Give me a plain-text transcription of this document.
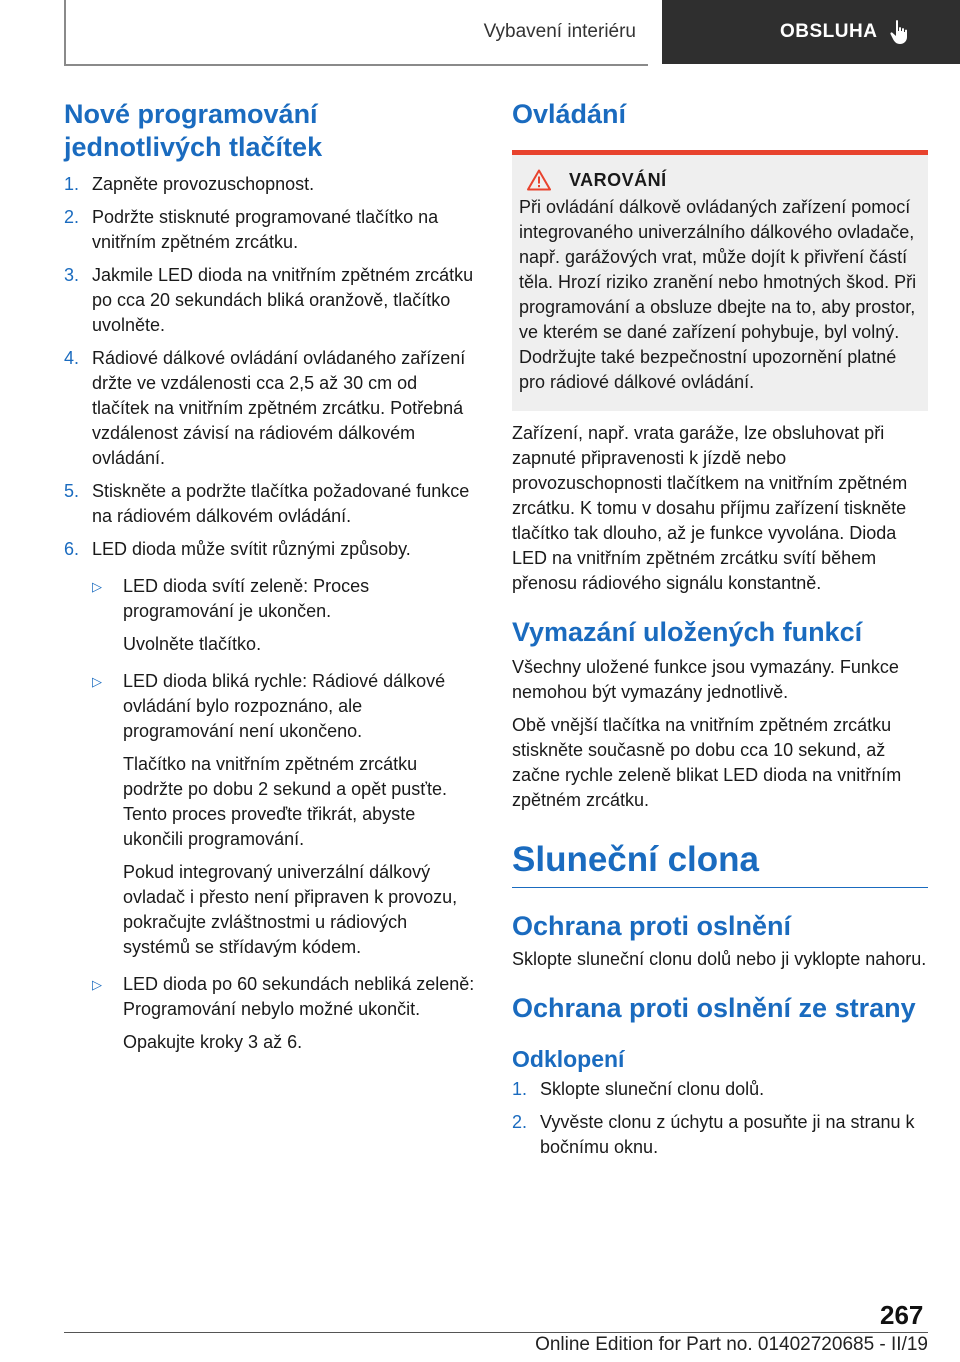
Vybavení interiéru	OBSLUHA
Nové programování jednotlivých tlačítek
1. Zapněte provozuschopnost.
2. Podržte stisknuté programované tlačítko na vnitřním zpětném zrcátku.
3. Jakmile LED dioda na vnitřním zpětném zrcátku po cca 20 sekundách bliká oranžově, tlačítko uvolněte.
4. Rádiové dálkové ovládání ovládaného zařízení držte ve vzdálenosti cca 2,5 až 30 cm od tlačítek na vnitřním zpětném zrcátku. Potřebná vzdálenost závisí na rádiovém dálkovém ovládání.
5. Stiskněte a podržte tlačítka požadované funkce na rádiovém dálkovém ovládání.
6. LED dioda může svítit různými způsoby.
▷	LED dioda svítí zeleně: Proces programování je ukončen.
Uvolněte tlačítko.
▷	LED dioda bliká rychle: Rádiové dálkové ovládání bylo rozpoznáno, ale programování není ukončeno.
Tlačítko na vnitřním zpětném zrcátku podržte po dobu 2 sekund a opět pusťte. Tento proces proveďte třikrát, abyste ukončili programování.
Pokud integrovaný univerzální dálkový ovladač i přesto není připraven k provozu, pokračujte zvláštnostmi u rádiových systémů se střídavým kódem.
▷	LED dioda po 60 sekundách nebliká zeleně: Programování nebylo možné ukončit.
Opakujte kroky 3 až 6.
Ovládání
VAROVÁNÍ

Při ovládání dálkově ovládaných zařízení pomocí integrovaného univerzálního dálkového ovladače, např. garážových vrat, může dojít k přivření částí těla. Hrozí riziko zranění nebo hmotných škod. Při programování a obsluze dbejte na to, aby prostor, ve kterém se dané zařízení pohybuje, byl volný. Dodržujte také bezpečnostní upozornění platné pro rádiové dálkové ovládání.

Zařízení, např. vrata garáže, lze obsluhovat při zapnuté připravenosti k jízdě nebo provozuschopnosti tlačítkem na vnitřním zpětném zrcátku. K tomu v dosahu příjmu zařízení tiskněte tlačítko tak dlouho, až je funkce vyvolána. Dioda LED na vnitřním zpětném zrcátku svítí během přenosu rádiového signálu konstantně.

Vymazání uložených funkcí

Všechny uložené funkce jsou vymazány. Funkce nemohou být vymazány jednotlivě.

Obě vnější tlačítka na vnitřním zpětném zrcátku stiskněte současně po dobu cca 10 sekund, až začne rychle zeleně blikat LED dioda na vnitřním zpětném zrcátku.

Sluneční clona
Ochrana proti oslnění

Sklopte sluneční clonu dolů nebo ji vyklopte nahoru.

Ochrana proti oslnění ze strany
Odklopení
1. Sklopte sluneční clonu dolů.
2. Vyvěste clonu z úchytu a posuňte ji na stranu k bočnímu oknu.
267
Online Edition for Part no. 01402720685 - II/19
